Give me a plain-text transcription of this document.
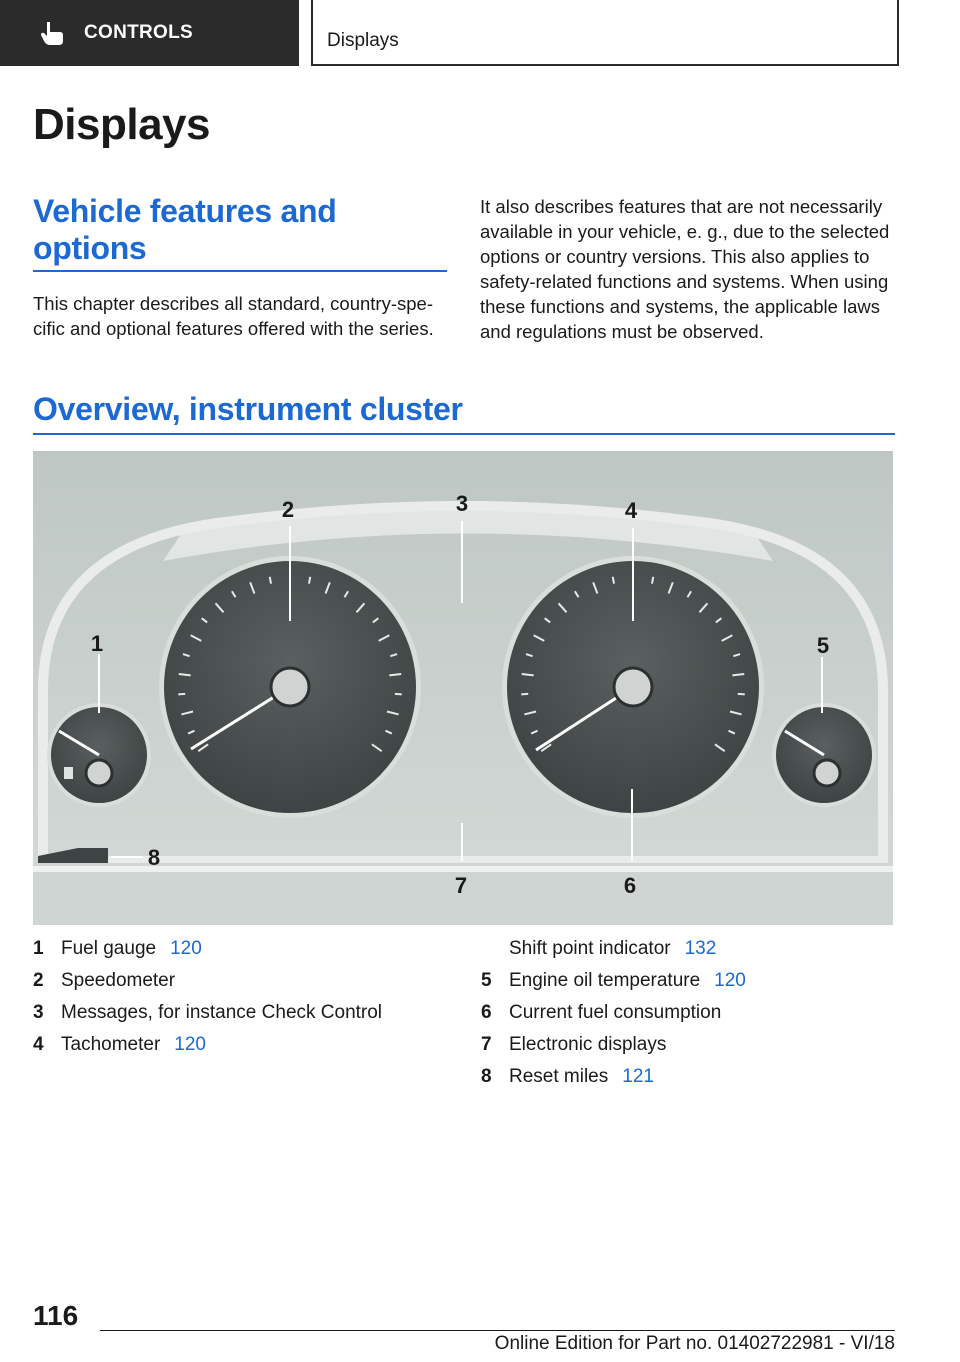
CONTROLS	Displays
Displays
Vehicle features and options

This chapter describes all standard, country-specific and optional features offered with the series.

It also describes features that are not necessarily available in your vehicle, e. g., due to the selected options or country versions. This also applies to safety-related functions and systems. When using these functions and systems, the applicable laws and regulations must be observed.

Overview, instrument cluster
1
2	3	4
5
6
7
8
1 Fuel gauge 120
2 Speedometer
3 Messages, for instance Check Control
4 Tachometer 120
Shift point indicator 132
5 Engine oil temperature 120
6 Current fuel consumption
7 Electronic displays
8 Reset miles 121
116
Online Edition for Part no. 01402722981 - VI/18
